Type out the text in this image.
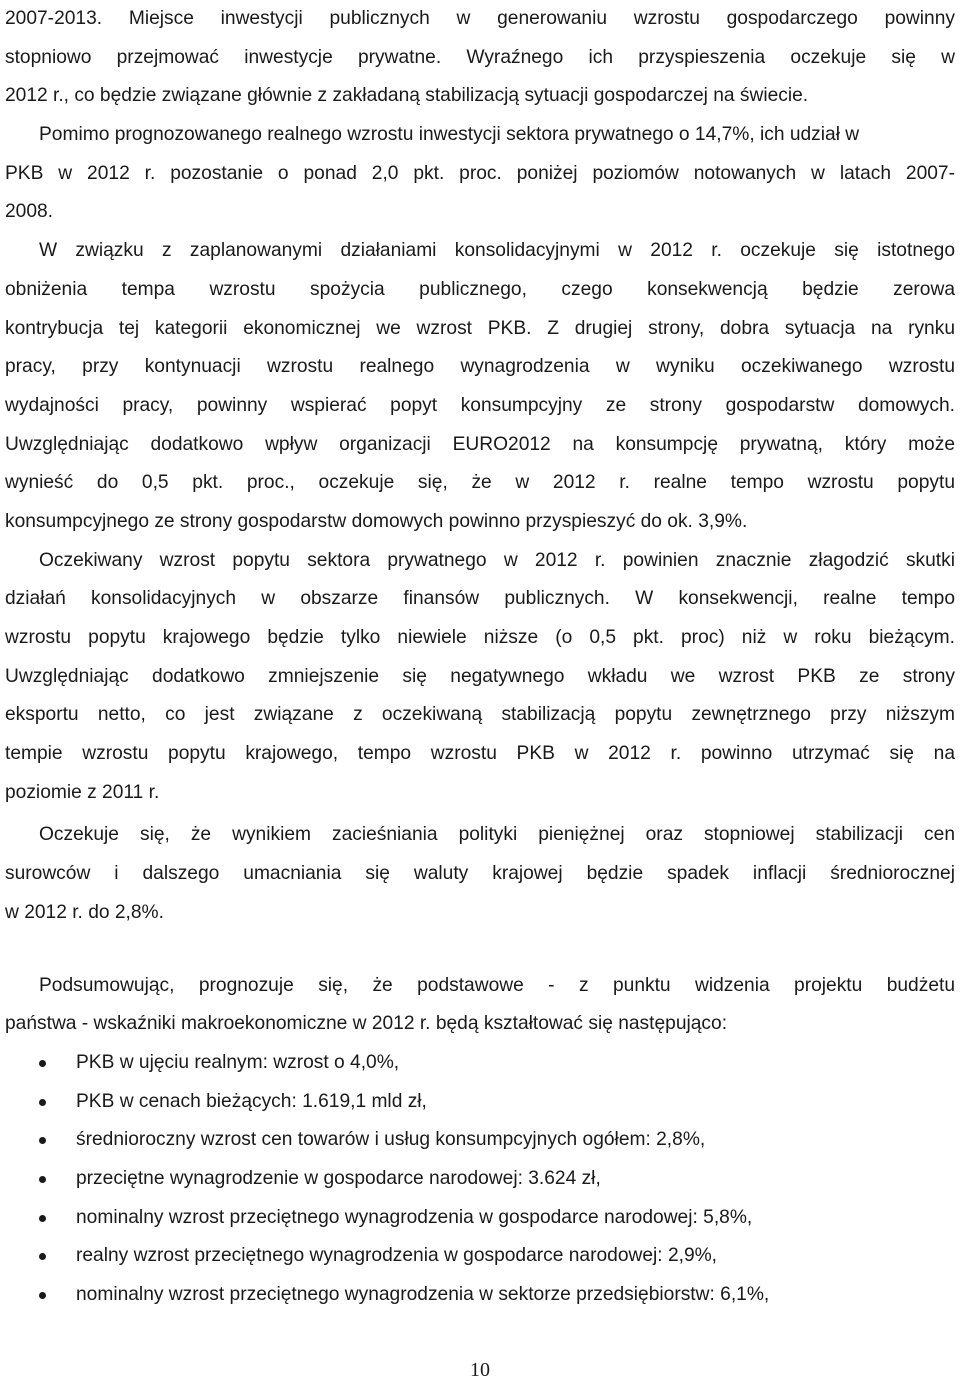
2007-2013. Miejsce inwestycji publicznych w generowaniu wzrostu gospodarczego powinny
stopniowo przejmować inwestycje prywatne. Wyraźnego ich przyspieszenia oczekuje się w
2012 r., co będzie związane głównie z zakładaną stabilizacją sytuacji gospodarczej na świecie.
Pomimo prognozowanego realnego wzrostu inwestycji sektora prywatnego o 14,7%, ich udział w
PKB w 2012 r. pozostanie o ponad 2,0 pkt. proc. poniżej poziomów notowanych w latach 2007-
2008.
W związku z zaplanowanymi działaniami konsolidacyjnymi w 2012 r. oczekuje się istotnego
obniżenia tempa wzrostu spożycia publicznego, czego konsekwencją będzie zerowa
kontrybucja tej kategorii ekonomicznej we wzrost PKB. Z drugiej strony, dobra sytuacja na rynku
pracy, przy kontynuacji wzrostu realnego wynagrodzenia w wyniku oczekiwanego wzrostu
wydajności pracy, powinny wspierać popyt konsumpcyjny ze strony gospodarstw domowych.
Uwzględniając dodatkowo wpływ organizacji EURO2012 na konsumpcję prywatną, który może
wynieść do 0,5 pkt. proc., oczekuje się, że w 2012 r. realne tempo wzrostu popytu
konsumpcyjnego ze strony gospodarstw domowych powinno przyspieszyć do ok. 3,9%.
Oczekiwany wzrost popytu sektora prywatnego w 2012 r. powinien znacznie złagodzić skutki
działań konsolidacyjnych w obszarze finansów publicznych. W konsekwencji, realne tempo
wzrostu popytu krajowego będzie tylko niewiele niższe (o 0,5 pkt. proc) niż w roku bieżącym.
Uwzględniając dodatkowo zmniejszenie się negatywnego wkładu we wzrost PKB ze strony
eksportu netto, co jest związane z oczekiwaną stabilizacją popytu zewnętrznego przy niższym
tempie wzrostu popytu krajowego, tempo wzrostu PKB w 2012 r. powinno utrzymać się na
poziomie z 2011 r.
Oczekuje się, że wynikiem zacieśniania polityki pieniężnej oraz stopniowej stabilizacji cen
surowców i dalszego umacniania się waluty krajowej będzie spadek inflacji średniorocznej
w 2012 r. do 2,8%.
Podsumowując, prognozuje się, że podstawowe - z punktu widzenia projektu budżetu
państwa - wskaźniki makroekonomiczne w 2012 r. będą kształtować się następująco:
PKB w ujęciu realnym: wzrost o 4,0%,
PKB w cenach bieżących: 1.619,1 mld zł,
średnioroczny wzrost cen towarów i usług konsumpcyjnych ogółem: 2,8%,
przeciętne wynagrodzenie w gospodarce narodowej: 3.624 zł,
nominalny wzrost przeciętnego wynagrodzenia w gospodarce narodowej: 5,8%,
realny wzrost przeciętnego wynagrodzenia w gospodarce narodowej: 2,9%,
nominalny wzrost przeciętnego wynagrodzenia w sektorze przedsiębiorstw: 6,1%,
10
